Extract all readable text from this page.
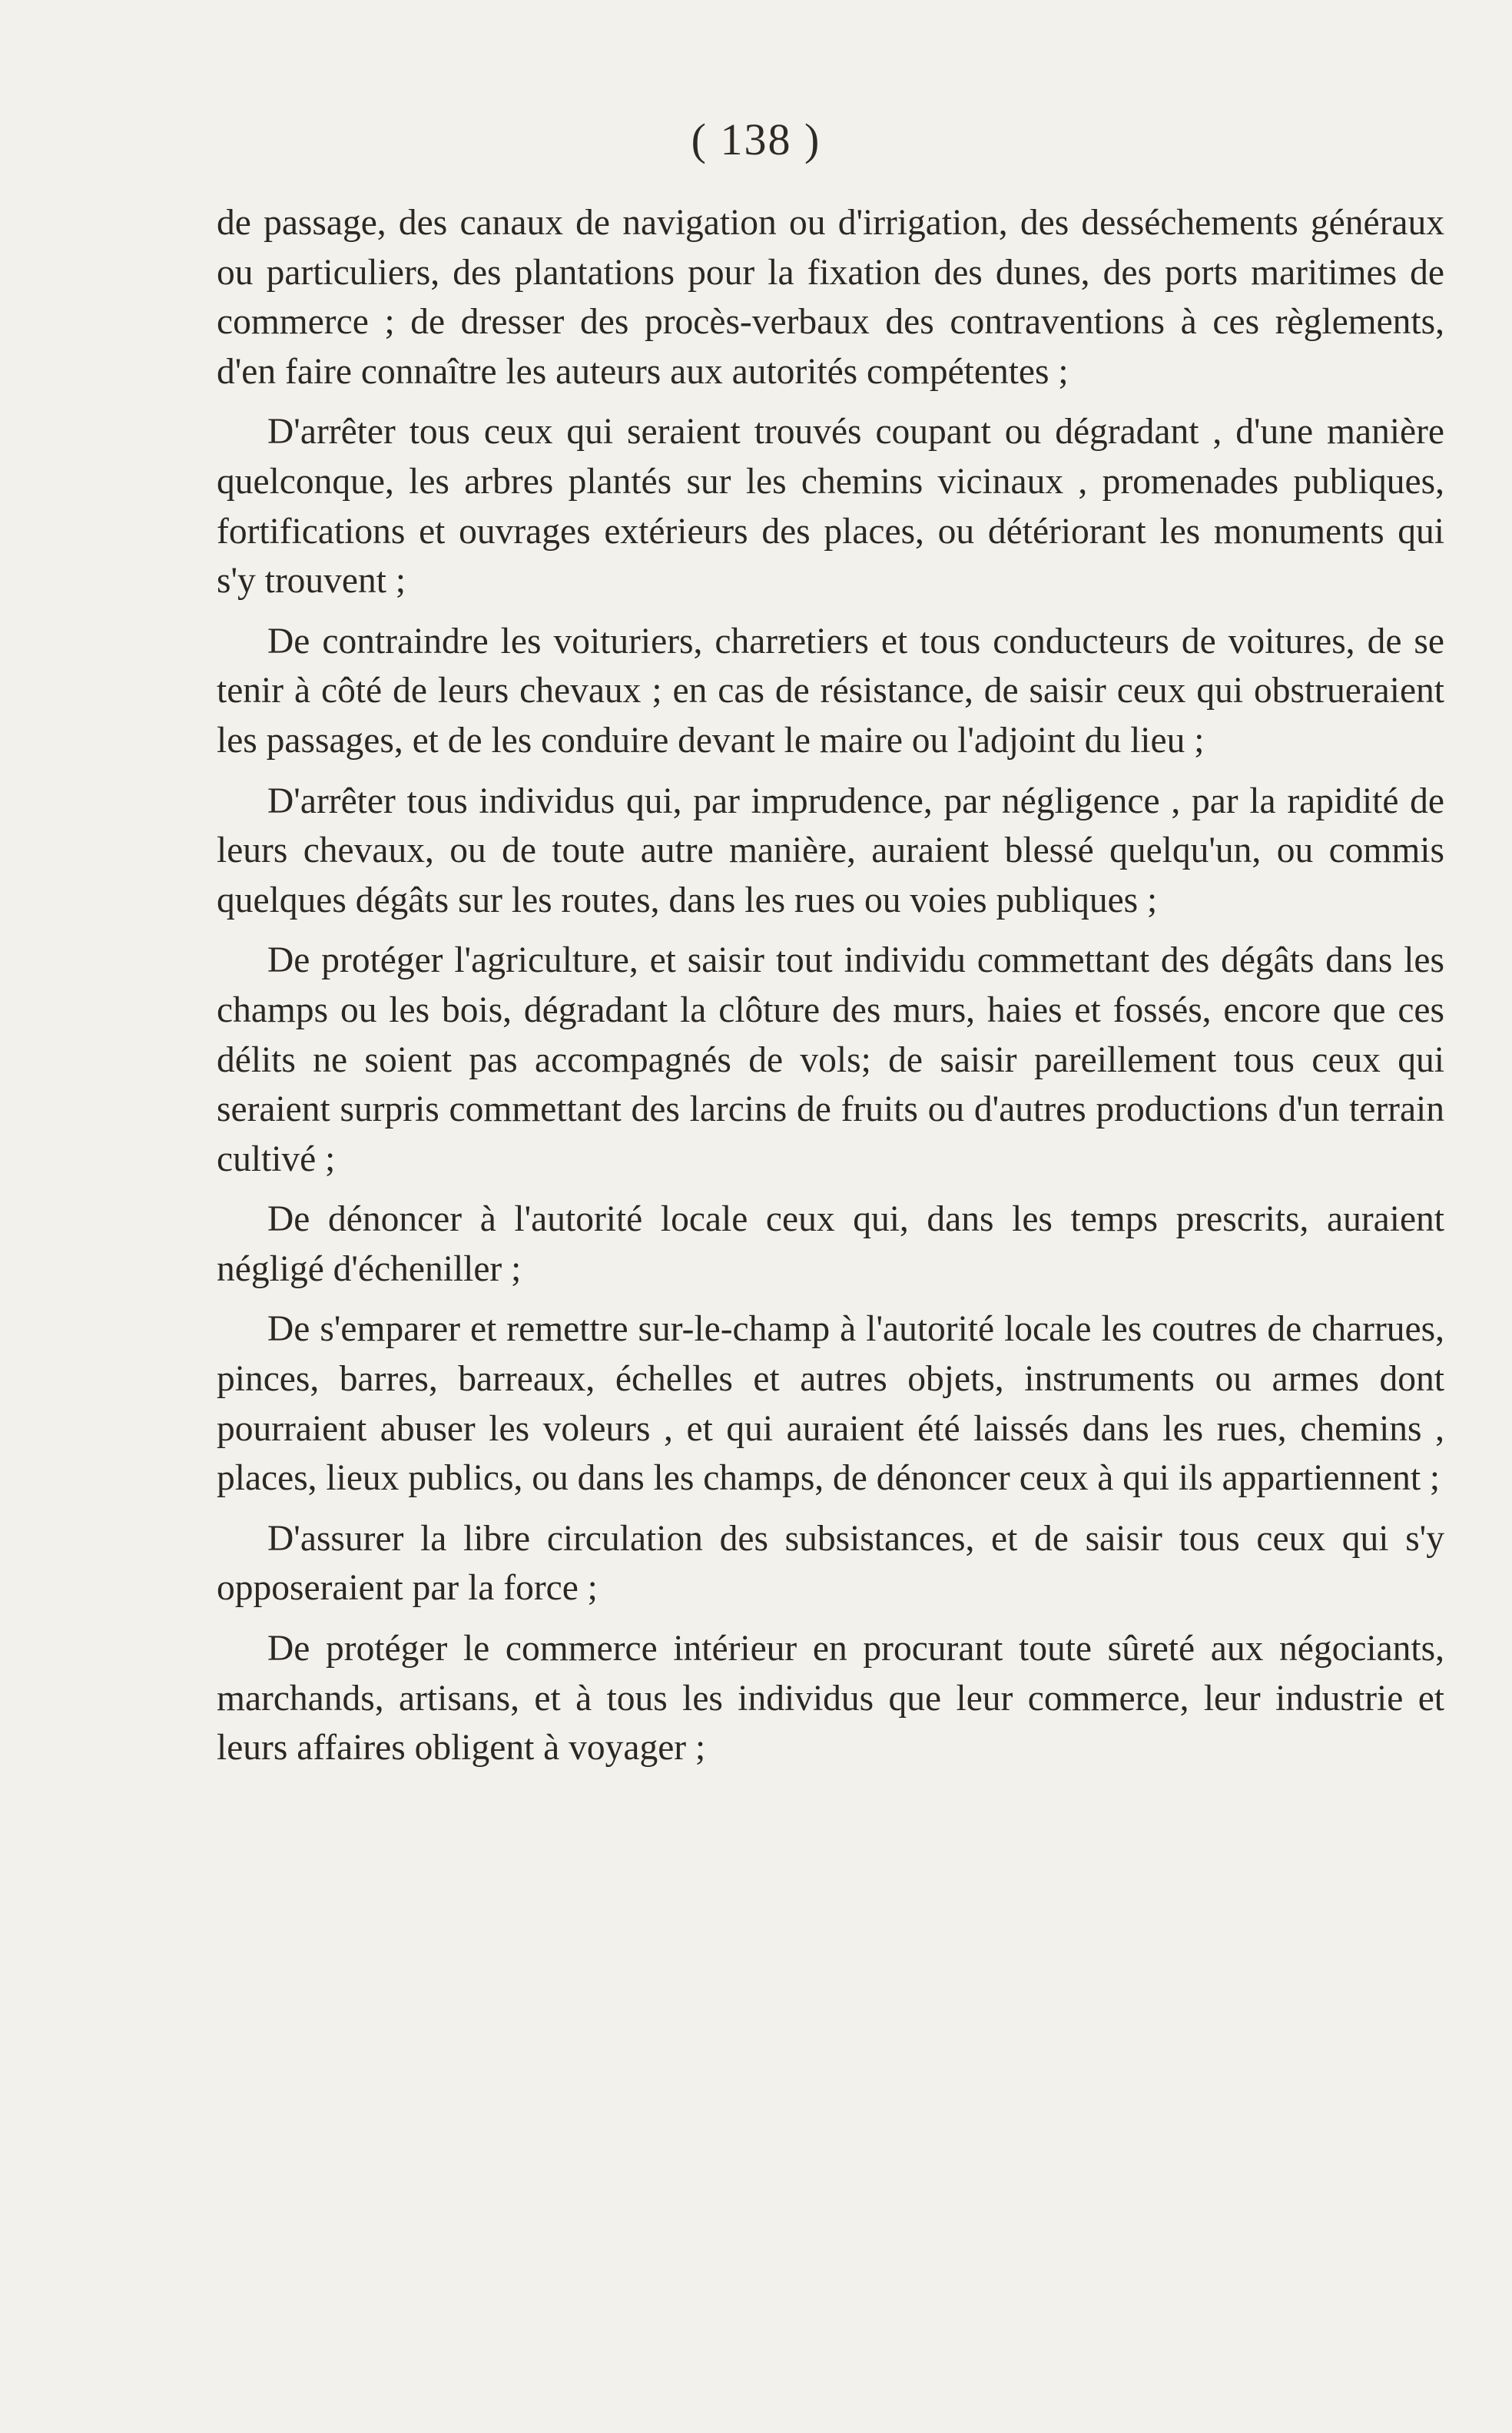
( 138 )

de passage, des canaux de navigation ou d'irrigation, des desséchements généraux ou particuliers, des plantations pour la fixation des dunes, des ports maritimes de commerce ; de dresser des procès-verbaux des contraventions à ces règlements, d'en faire connaître les auteurs aux autorités compétentes ;

D'arrêter tous ceux qui seraient trouvés coupant ou dégradant , d'une manière quelconque, les arbres plantés sur les chemins vicinaux , promenades publiques, fortifications et ouvrages extérieurs des places, ou détériorant les monuments qui s'y trouvent ;

De contraindre les voituriers, charretiers et tous conducteurs de voitures, de se tenir à côté de leurs chevaux ; en cas de résistance, de saisir ceux qui obstrueraient les passages, et de les conduire devant le maire ou l'adjoint du lieu ;

D'arrêter tous individus qui, par imprudence, par négligence , par la rapidité de leurs chevaux, ou de toute autre manière, auraient blessé quelqu'un, ou commis quelques dégâts sur les routes, dans les rues ou voies publiques ;

De protéger l'agriculture, et saisir tout individu commettant des dégâts dans les champs ou les bois, dégradant la clôture des murs, haies et fossés, encore que ces délits ne soient pas accompagnés de vols; de saisir pareillement tous ceux qui seraient surpris commettant des larcins de fruits ou d'autres productions d'un terrain cultivé ;

De dénoncer à l'autorité locale ceux qui, dans les temps prescrits, auraient négligé d'écheniller ;

De s'emparer et remettre sur-le-champ à l'autorité locale les coutres de charrues, pinces, barres, barreaux, échelles et autres objets, instruments ou armes dont pourraient abuser les voleurs , et qui auraient été laissés dans les rues, chemins , places, lieux publics, ou dans les champs, de dénoncer ceux à qui ils appartiennent ;

D'assurer la libre circulation des subsistances, et de saisir tous ceux qui s'y opposeraient par la force ;

De protéger le commerce intérieur en procurant toute sûreté aux négociants, marchands, artisans, et à tous les individus que leur commerce, leur industrie et leurs affaires obligent à voyager ;
